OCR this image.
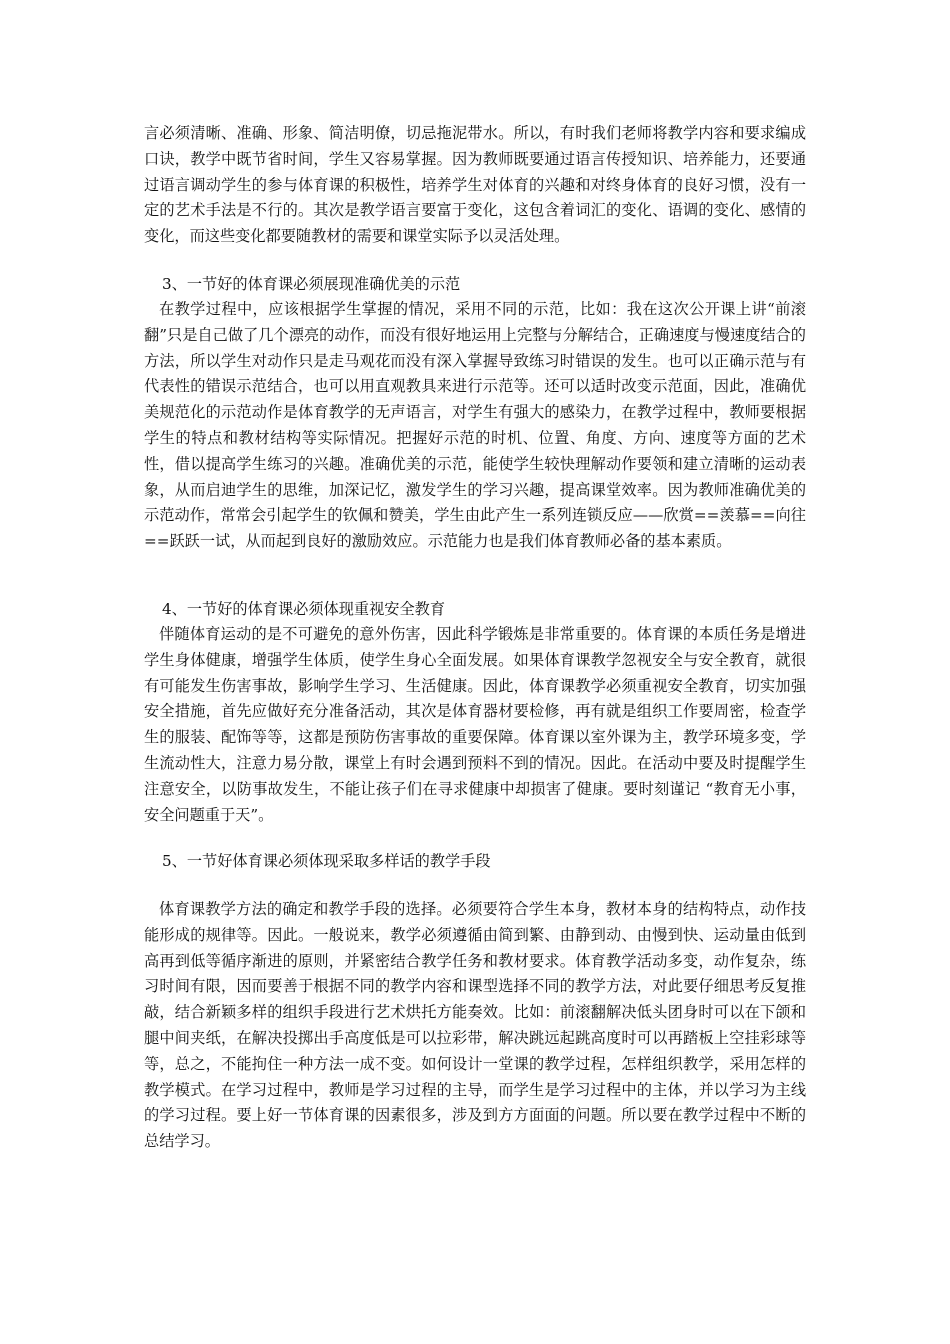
言必须清晰、准确、形象、简洁明僚，切忌拖泥带水。所以，有时我们老师将教学内容和要求编成口诀，教学中既节省时间，学生又容易掌握。因为教师既要通过语言传授知识、培养能力，还要通过语言调动学生的参与体育课的积极性，培养学生对体育的兴趣和对终身体育的良好习惯，没有一定的艺术手法是不行的。其次是教学语言要富于变化，这包含着词汇的变化、语调的变化、感情的变化，而这些变化都要随教材的需要和课堂实际予以灵活处理。

3、一节好的体育课必须展现准确优美的示范

在教学过程中，应该根据学生掌握的情况，采用不同的示范，比如：我在这次公开课上讲“前滚翻”只是自己做了几个漂亮的动作，而没有很好地运用上完整与分解结合，正确速度与慢速度结合的方法，所以学生对动作只是走马观花而没有深入掌握导致练习时错误的发生。也可以正确示范与有代表性的错误示范结合，也可以用直观教具来进行示范等。还可以适时改变示范面，因此，准确优美规范化的示范动作是体育教学的无声语言，对学生有强大的感染力，在教学过程中，教师要根据学生的特点和教材结构等实际情况。把握好示范的时机、位置、角度、方向、速度等方面的艺术性，借以提高学生练习的兴趣。准确优美的示范，能使学生较快理解动作要领和建立清晰的运动表象，从而启迪学生的思维，加深记忆，激发学生的学习兴趣，提高课堂效率。因为教师准确优美的示范动作，常常会引起学生的钦佩和赞美，学生由此产生一系列连锁反应——欣赏==羡慕==向往==跃跃一试，从而起到良好的激励效应。示范能力也是我们体育教师必备的基本素质。

4、一节好的体育课必须体现重视安全教育

伴随体育运动的是不可避免的意外伤害，因此科学锻炼是非常重要的。体育课的本质任务是增进学生身体健康，增强学生体质，使学生身心全面发展。如果体育课教学忽视安全与安全教育，就很有可能发生伤害事故，影响学生学习、生活健康。因此，体育课教学必须重视安全教育，切实加强安全措施，首先应做好充分准备活动，其次是体育器材要检修，再有就是组织工作要周密，检查学生的服装、配饰等等，这都是预防伤害事故的重要保障。体育课以室外课为主，教学环境多变，学生流动性大，注意力易分散，课堂上有时会遇到预料不到的情况。因此。在活动中要及时提醒学生注意安全，以防事故发生，不能让孩子们在寻求健康中却损害了健康。要时刻谨记 “教育无小事，安全问题重于天”。

5、一节好体育课必须体现采取多样话的教学手段

体育课教学方法的确定和教学手段的选择。必须要符合学生本身，教材本身的结构特点，动作技能形成的规律等。因此。一般说来，教学必须遵循由简到繁、由静到动、由慢到快、运动量由低到高再到低等循序渐进的原则，并紧密结合教学任务和教材要求。体育教学活动多变，动作复杂，练习时间有限，因而要善于根据不同的教学内容和课型选择不同的教学方法，对此要仔细思考反复推敲，结合新颖多样的组织手段进行艺术烘托方能奏效。比如：前滚翻解决低头团身时可以在下颌和腿中间夹纸，在解决投掷出手高度低是可以拉彩带，解决跳远起跳高度时可以再踏板上空挂彩球等等，总之，不能拘住一种方法一成不变。如何设计一堂课的教学过程，怎样组织教学，采用怎样的教学模式。在学习过程中，教师是学习过程的主导，而学生是学习过程中的主体，并以学习为主线的学习过程。要上好一节体育课的因素很多，涉及到方方面面的问题。所以要在教学过程中不断的总结学习。
